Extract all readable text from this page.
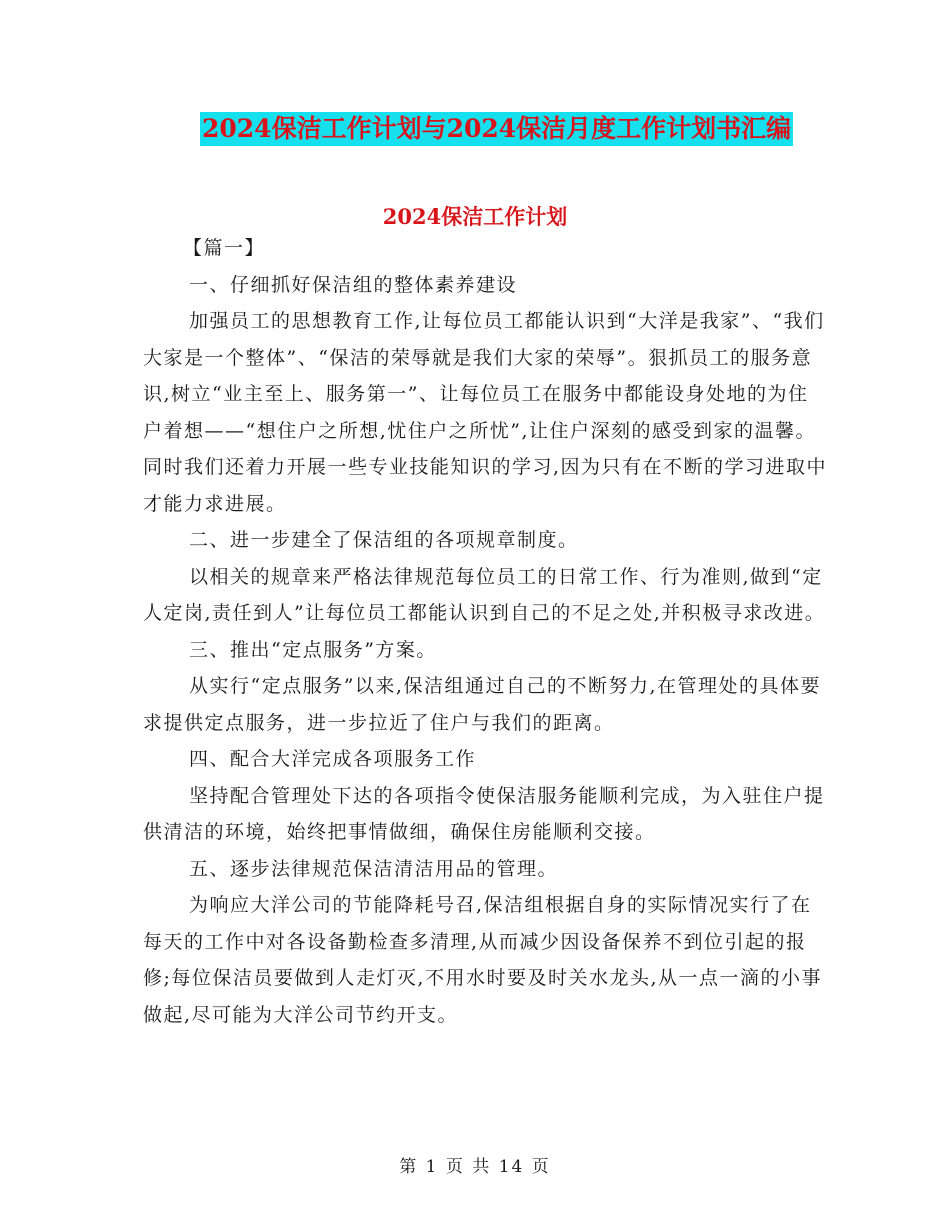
2024保洁工作计划与2024保洁月度工作计划书汇编
2024保洁工作计划

【篇一】

一、仔细抓好保洁组的整体素养建设

加强员工的思想教育工作,让每位员工都能认识到“大洋是我家”、“我们大家是一个整体”、“保洁的荣辱就是我们大家的荣辱”。狠抓员工的服务意识,树立“业主至上、服务第一”、让每位员工在服务中都能设身处地的为住户着想——“想住户之所想,忧住户之所忧”,让住户深刻的感受到家的温馨。同时我们还着力开展一些专业技能知识的学习,因为只有在不断的学习进取中才能力求进展。

二、进一步建全了保洁组的各项规章制度。

以相关的规章来严格法律规范每位员工的日常工作、行为准则,做到“定人定岗,责任到人”让每位员工都能认识到自己的不足之处,并积极寻求改进。

三、推出“定点服务”方案。

从实行“定点服务”以来,保洁组通过自己的不断努力,在管理处的具体要求提供定点服务，进一步拉近了住户与我们的距离。

四、配合大洋完成各项服务工作

坚持配合管理处下达的各项指令使保洁服务能顺利完成，为入驻住户提供清洁的环境，始终把事情做细，确保住房能顺利交接。

五、逐步法律规范保洁清洁用品的管理。

为响应大洋公司的节能降耗号召,保洁组根据自身的实际情况实行了在每天的工作中对各设备勤检查多清理,从而减少因设备保养不到位引起的报修;每位保洁员要做到人走灯灭,不用水时要及时关水龙头,从一点一滴的小事做起,尽可能为大洋公司节约开支。

第 1 页 共 14 页
